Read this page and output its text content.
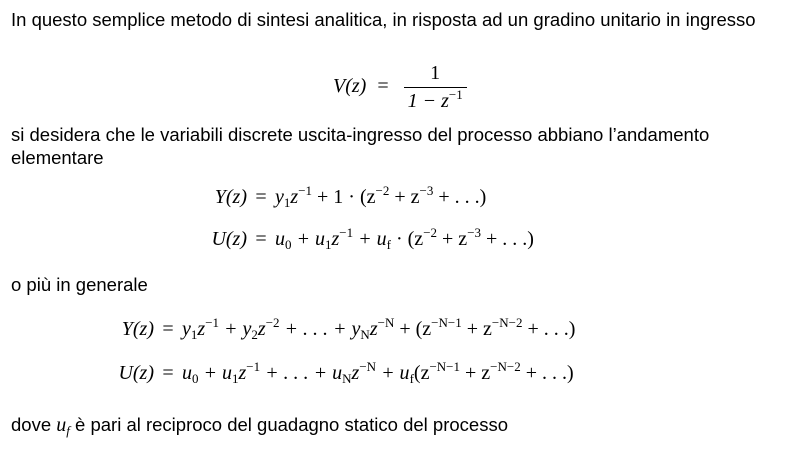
In questo semplice metodo di sintesi analitica, in risposta ad un gradino unitario in ingresso
$V(z) = \frac{1}{1 - z^{-1}}$
si desidera che le variabili discrete uscita-ingresso del processo abbiano l’andamento elementare
$Y(z) = y_1z^{-1} + 1 \cdot (z^{-2} + z^{-3}$ + . . .)
$U(z) = u_0 + u_1z^{-1} + u_f \cdot (z^{-2} + z^{-3}$ + . . .)
o più in generale
$Y(z) = y_1z^{-1} + y_2z^{-2}$ + . . . + $y_Nz^{-N} + (z^{-N-1} + z^{-N-2}$ + . . .)
$U(z) = u_0 + u_1z^{-1}$ + . . . + $u_Nz^{-N} + u_f(z^{-N-1} + z^{-N-2}$ + . . .)
dove $u_f$ è pari al reciproco del guadagno statico del processo
